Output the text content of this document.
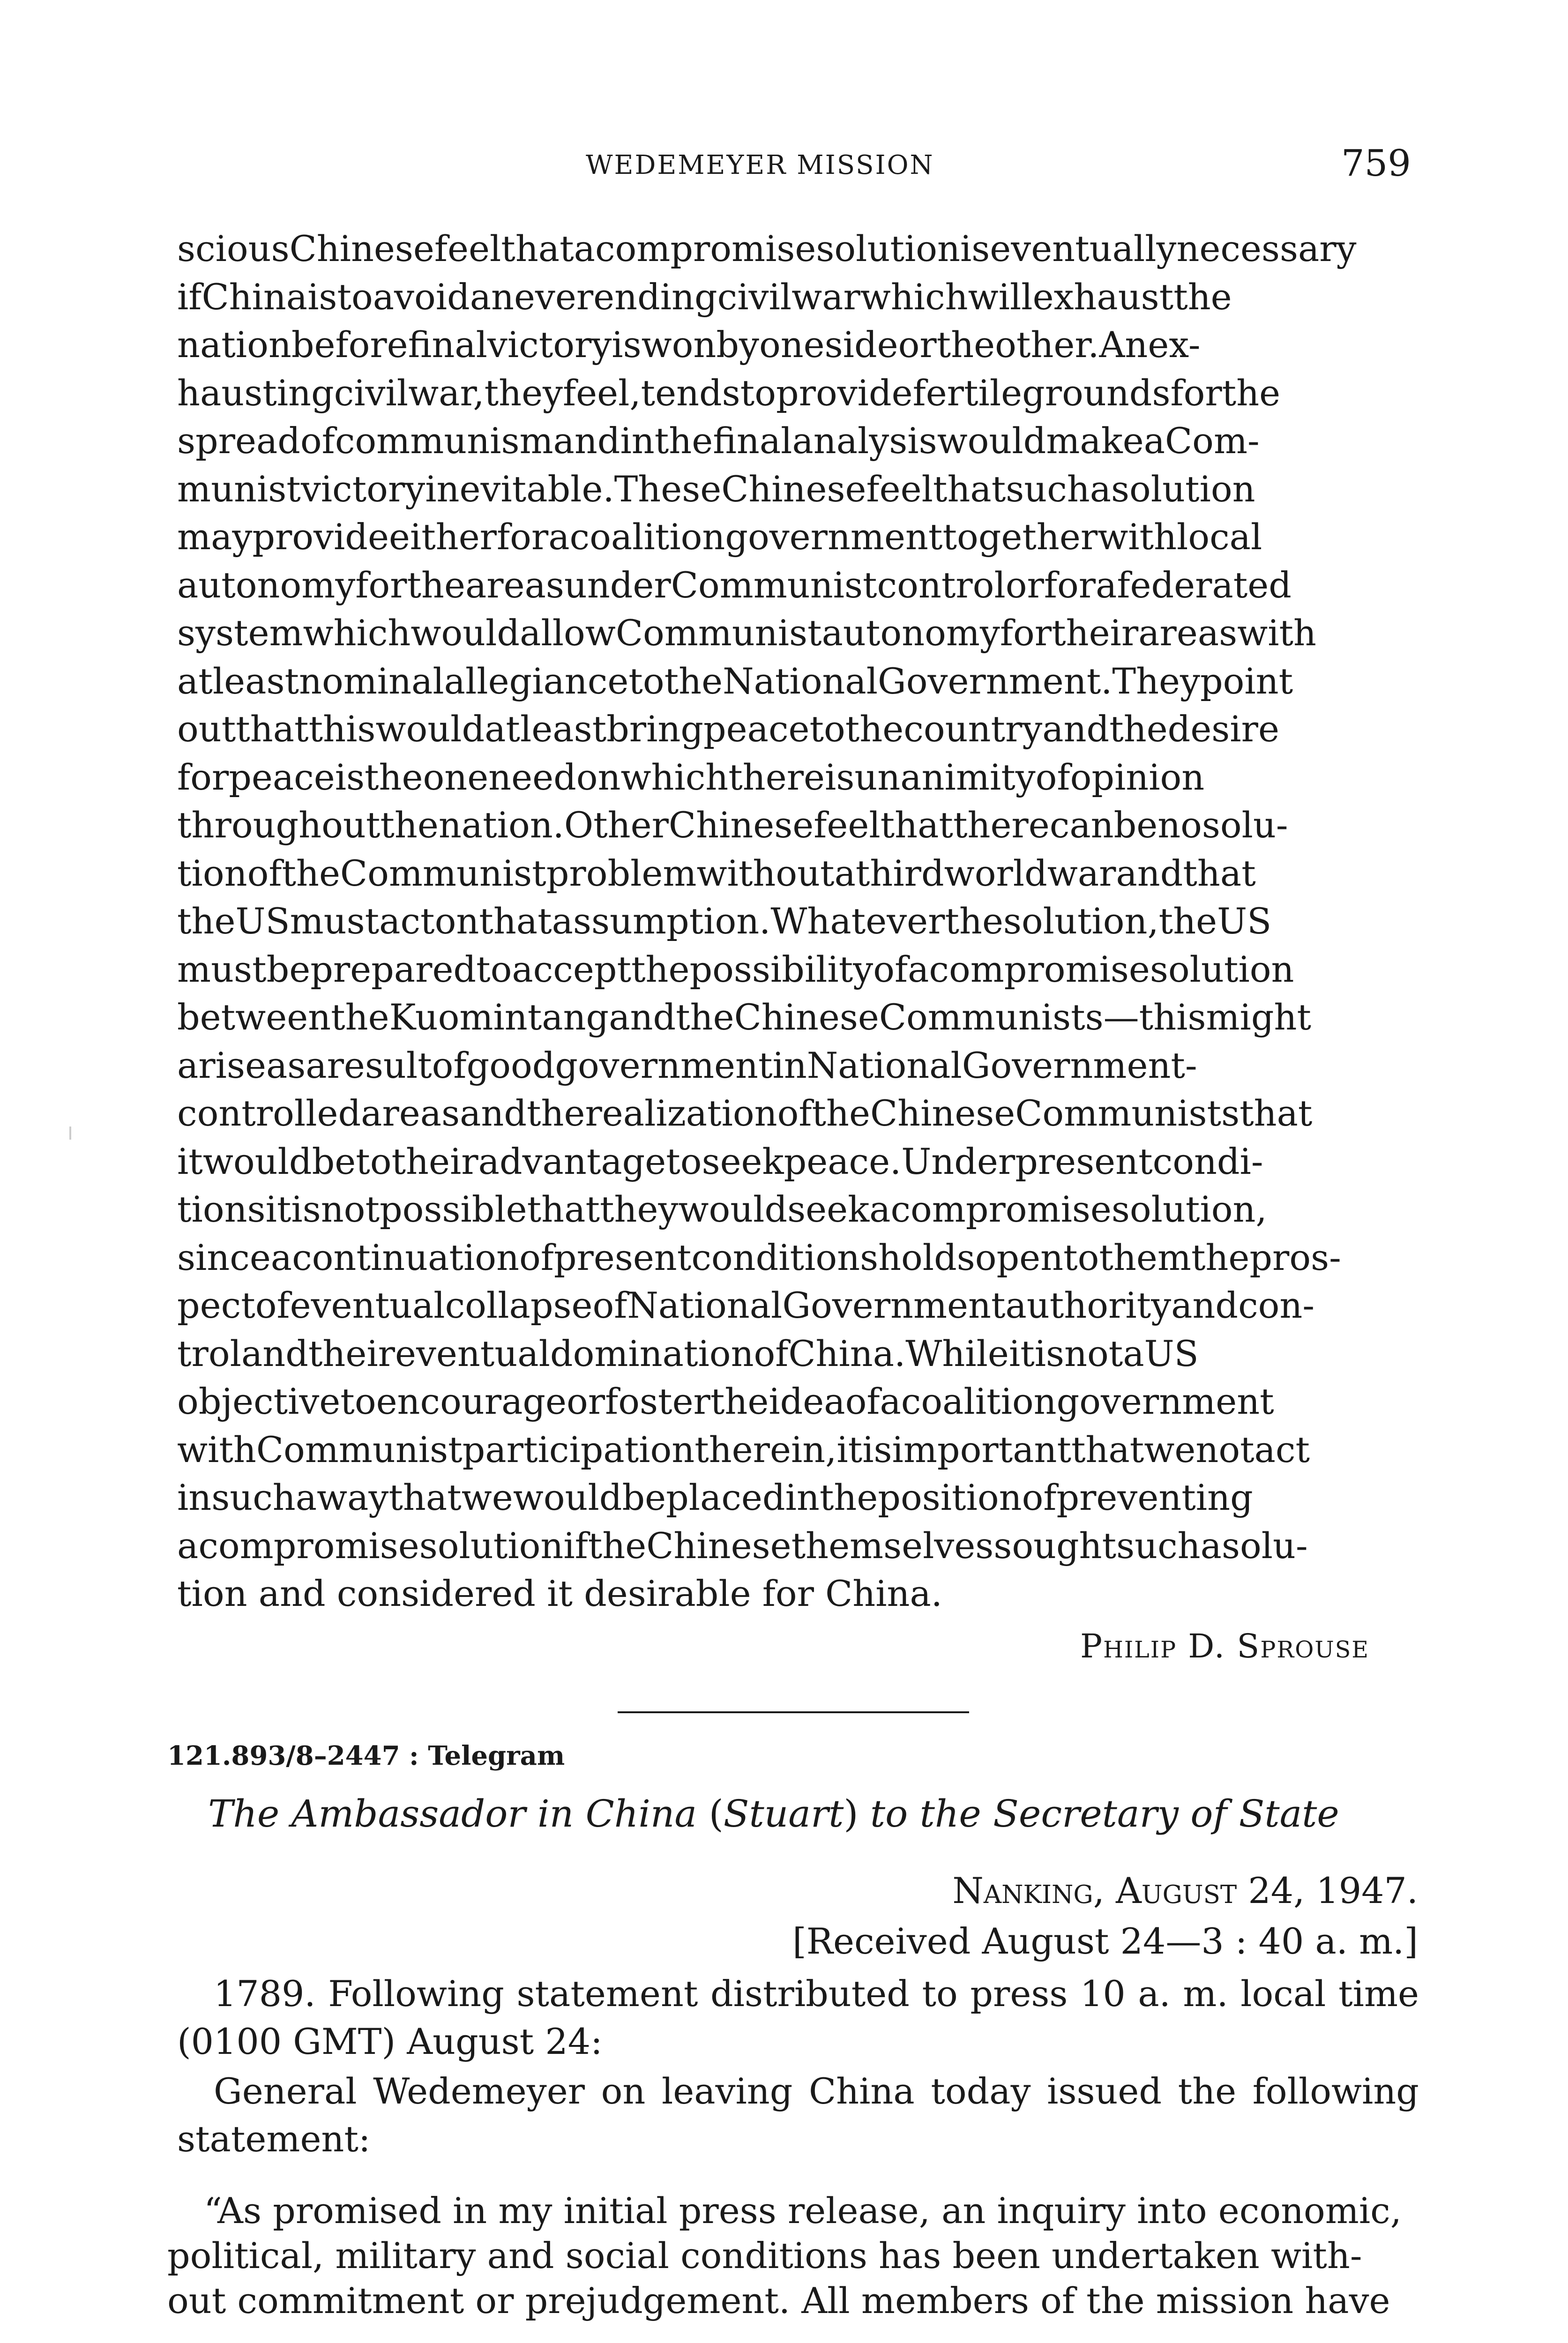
WEDEMEYER MISSION	759
sciousChinesefeelthatacompromisesolutioniseventuallynecessary
ifChinaistoavoidaneverendingcivilwarwhichwillexhaustthe
nationbeforefinalvictoryiswonbyonesideortheother.Anex-
haustingcivilwar,theyfeel,tendstoprovidefertilegroundsforthe
spreadofcommunismandinthefinalanalysiswouldmakeaCom-
munistvictoryinevitable.TheseChinesefeelthatsuchasolution
mayprovideeitherforacoalitiongovernmenttogetherwithlocal
autonomyfortheareasunderCommunistcontrolorforafederated
systemwhichwouldallowCommunistautonomyfortheirareaswith
atleastnominalallegiancetotheNationalGovernment.Theypoint
outthatthiswouldatleastbringpeacetothecountryandthedesire
forpeaceistheoneneedonwhichthereisunanimityofopinion
throughoutthenation.OtherChinesefeelthattherecanbenosolu-
tionoftheCommunistproblemwithoutathirdworldwarandthat
theUSmustactonthatassumption.Whateverthesolution,theUS
mustbepreparedtoacceptthepossibilityofacompromisesolution
betweentheKuomintangandtheChineseCommunists—thismight
ariseasaresultofgoodgovernmentinNationalGovernment-
controlledareasandtherealizationoftheChineseCommuniststhat
itwouldbetotheiradvantagetoseekpeace.Underpresentcondi-
tionsitisnotpossiblethattheywouldseekacompromisesolution,
sinceacontinuationofpresentconditionsholdsopentothemthepros-
pectofeventualcollapseofNationalGovernmentauthorityandcon-
trolandtheireventualdominationofChina.WhileitisnotaUS
objectivetoencourageorfostertheideaofacoalitiongovernment
withCommunistparticipationtherein,itisimportantthatwenotact
insuchawaythatwewouldbeplacedinthepositionofpreventing
acompromisesolutioniftheChinesethemselvessoughtsuchasolu-
tion and considered it desirable for China.
Philip D. Sprouse
121.893/8–2447 : Telegram
The Ambassador in China (Stuart) to the Secretary of State
Nanking, August 24, 1947.
[Received August 24—3 : 40 a. m.]
1789. Following statement distributed to press 10 a. m. local time
(0100 GMT) August 24:
General Wedemeyer on leaving China today issued the following
statement:
“As promised in my initial press release, an inquiry into economic,
political, military and social conditions has been undertaken with-
out commitment or prejudgement. All members of the mission have
